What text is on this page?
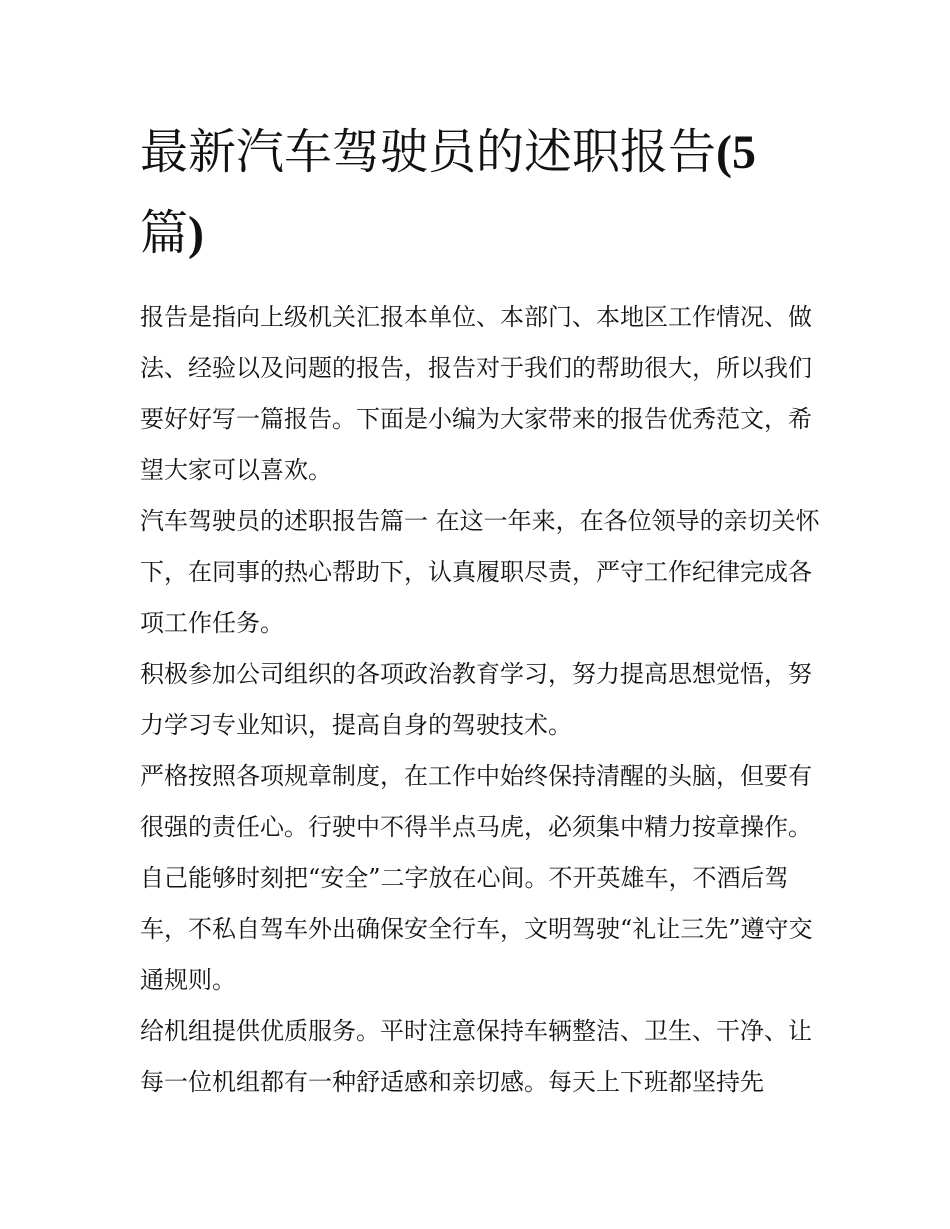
最新汽车驾驶员的述职报告(5
篇)

报告是指向上级机关汇报本单位、本部门、本地区工作情况、做法、经验以及问题的报告，报告对于我们的帮助很大，所以我们要好好写一篇报告。下面是小编为大家带来的报告优秀范文，希望大家可以喜欢。

汽车驾驶员的述职报告篇一 在这一年来，在各位领导的亲切关怀下，在同事的热心帮助下，认真履职尽责，严守工作纪律完成各项工作任务。

积极参加公司组织的各项政治教育学习，努力提高思想觉悟，努力学习专业知识，提高自身的驾驶技术。

严格按照各项规章制度，在工作中始终保持清醒的头脑，但要有很强的责任心。行驶中不得半点马虎，必须集中精力按章操作。自己能够时刻把“安全”二字放在心间。不开英雄车，不酒后驾车，不私自驾车外出确保安全行车，文明驾驶“礼让三先”遵守交通规则。

给机组提供优质服务。平时注意保持车辆整洁、卫生、干净、让每一位机组都有一种舒适感和亲切感。每天上下班都坚持先
